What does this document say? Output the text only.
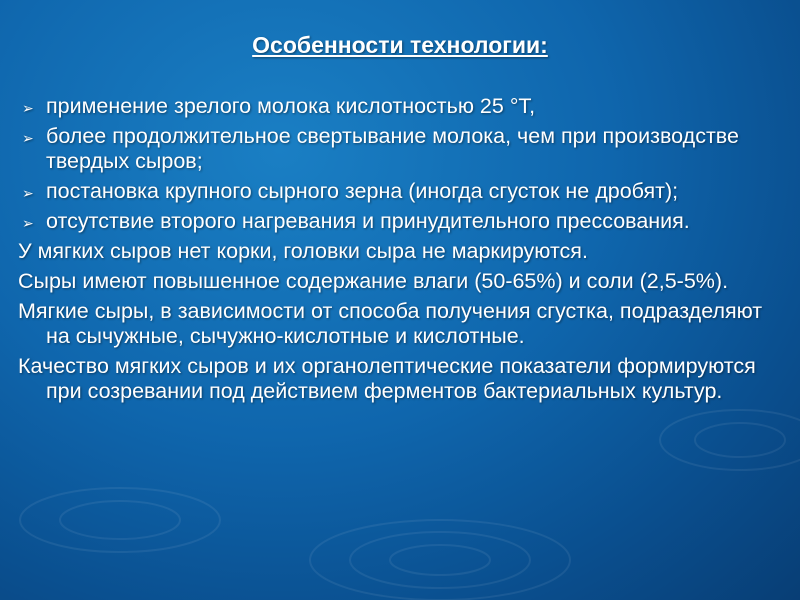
Особенности технологии:
➢ применение зрелого молока кислотностью 25 °Т,
➢ более продолжительное свертывание молока, чем при производстве твердых сыров;
➢ постановка крупного сырного зерна (иногда сгусток не дробят);
➢ отсутствие второго нагревания и принудительного прессования.
У мягких сыров нет корки, головки сыра не маркируются.
Сыры имеют повышенное содержание влаги (50-65%) и соли (2,5-5%).
Мягкие сыры, в зависимости от способа получения сгустка, подразделяют на сычужные, сычужно-кислотные и кислотные.
Качество мягких сыров и их органолептические показатели формируются при созревании под действием ферментов бактериальных культур.
